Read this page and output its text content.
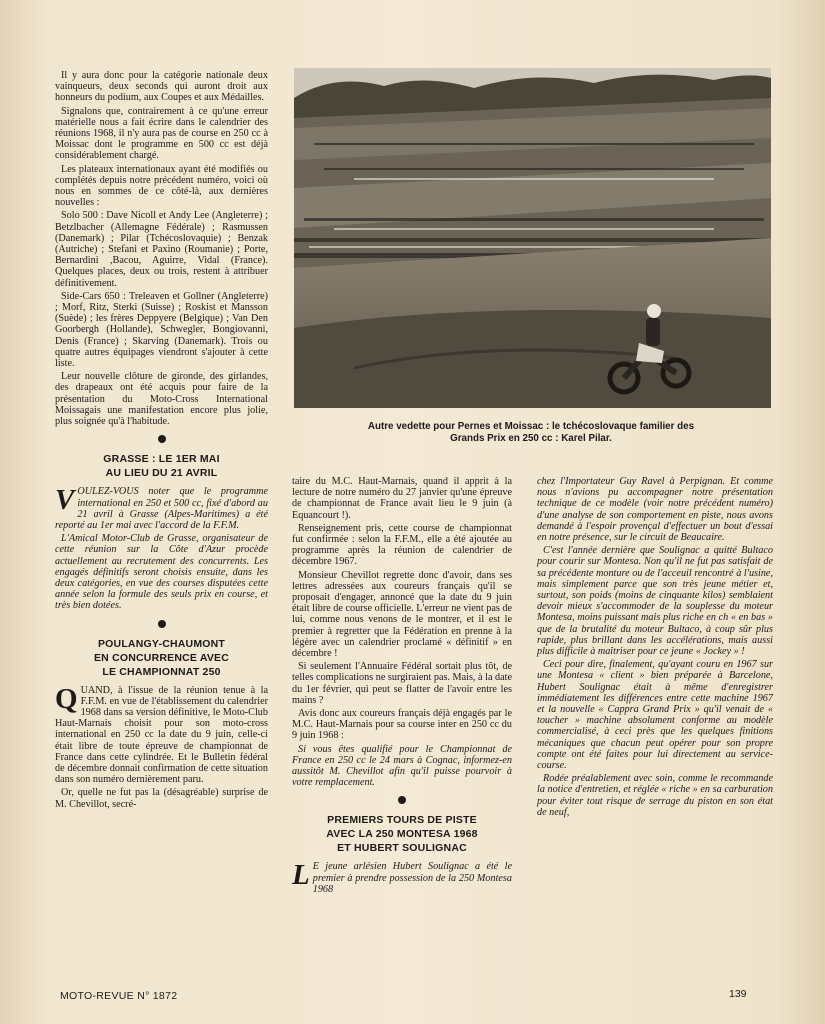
Autre vedette pour Pernes et Moissac : le tchécoslovaque familier des Grands Prix en 250 cc : Karel Pilar.

Il y aura donc pour la catégorie nationale deux vainqueurs, deux seconds qui auront droit aux honneurs du podium, aux Coupes et aux Médailles.

Signalons que, contrairement à ce qu'une erreur matérielle nous a fait écrire dans le calendrier des réunions 1968, il n'y aura pas de course en 250 cc à Moissac dont le programme en 500 cc est déjà considérablement chargé.

Les plateaux internationaux ayant été modifiés ou complétés depuis notre précédent numéro, voici où nous en sommes de ce côté-là, aux dernières nouvelles :

Solo 500 : Dave Nicoll et Andy Lee (Angleterre) ; Betzlbacher (Allemagne Fédérale) ; Rasmussen (Danemark) ; Pilar (Tchécoslovaquie) ; Benzak (Autriche) ; Stefani et Paxino (Roumanie) ; Porte, Bernardini ,Bacou, Aguirre, Vidal (France). Quelques places, deux ou trois, restent à attribuer définitivement.

Side-Cars 650 : Treleaven et Gollner (Angleterre) ; Morf, Ritz, Sterki (Suisse) ; Roskist et Mansson (Suède) ; les frères Deppyere (Belgique) ; Van Den Goorbergh (Hollande), Schwegler, Bongiovanni, Denis (France) ; Skarving (Danemark). Trois ou quatre autres équipages viendront s'ajouter à cette liste.

Leur nouvelle clôture de gironde, des girlandes, des drapeaux ont été acquis pour faire de la présentation du Moto-Cross International Moissagais une manifestation encore plus jolie, plus soignée qu'à l'habitude.

GRASSE : LE 1ER MAI
AU LIEU DU 21 AVRIL

VOULEZ-VOUS noter que le programme international en 250 et 500 cc, fixé d'abord au 21 avril à Grasse (Alpes-Maritimes) a été reporté au 1er mai avec l'accord de la F.F.M.

L'Amical Motor-Club de Grasse, organisateur de cette réunion sur la Côte d'Azur procède actuellement au recrutement des concurrents. Les engagés définitifs seront choisis ensuite, dans les deux catégories, en vue des courses disputées cette année selon la formule des seuls prix en course, et très bien dotées.

POULANGY-CHAUMONT
EN CONCURRENCE AVEC
LE CHAMPIONNAT 250

QUAND, à l'issue de la réunion tenue à la F.F.M. en vue de l'établissement du calendrier 1968 dans sa version définitive, le Moto-Club Haut-Marnais choisit pour son moto-cross international en 250 cc la date du 9 juin, celle-ci était libre de toute épreuve de championnat de France dans cette cylindrée. Et le Bulletin fédéral de décembre donnait confirmation de cette situation dans son numéro dernièrement paru.

Or, quelle ne fut pas la (désagréable) surprise de M. Chevillot, secré-

taire du M.C. Haut-Marnais, quand il apprit à la lecture de notre numéro du 27 janvier qu'une épreuve de championnat de France avait lieu le 9 juin (à Equancourt !).

Renseignement pris, cette course de championnat fut confirmée : selon la F.F.M., elle a été ajoutée au programme après la réunion de calendrier de décembre 1967.

Monsieur Chevillot regrette donc d'avoir, dans ses lettres adressées aux coureurs français qu'il se proposait d'engager, annoncé que la date du 9 juin était libre de course officielle. L'erreur ne vient pas de lui, comme nous venons de le montrer, et il est le premier à regretter que la Fédération en prenne à la légère avec un calendrier proclamé « définitif » en décembre !

Si seulement l'Annuaire Fédéral sortait plus tôt, de telles complications ne surgiraient pas. Mais, à la date du 1er février, qui peut se flatter de l'avoir entre les mains ?

Avis donc aux coureurs français déjà engagés par le M.C. Haut-Marnais pour sa course inter en 250 cc du 9 juin 1968 :

Si vous êtes qualifié pour le Championnat de France en 250 cc le 24 mars à Cognac, informez-en aussitôt M. Chevillot afin qu'il puisse pourvoir à votre remplacement.

PREMIERS TOURS DE PISTE
AVEC LA 250 MONTESA 1968
ET HUBERT SOULIGNAC

L E jeune arlésien Hubert Soulignac a été le premier à prendre possession de la 250 Montesa 1968

chez l'Importateur Guy Ravel à Perpignan. Et comme nous n'avions pu accompagner notre présentation technique de ce modèle (voir notre précédent numéro) d'une analyse de son comportement en piste, nous avons demandé à l'espoir provençal d'effectuer un bout d'essai en notre présence, sur le circuit de Beaucaire.

C'est l'année dernière que Soulignac a quitté Bultaco pour courir sur Montesa. Non qu'il ne fut pas satisfait de sa précédente monture ou de l'acceuil rencontré à l'usine, mais simplement parce que son très jeune métier et, surtout, son poids (moins de cinquante kilos) semblaient devoir mieux s'accommoder de la souplesse du moteur Montesa, moins puissant mais plus riche en ch « en bas » que de la brutalité du moteur Bultaco, à coup sûr plus rapide, plus brillant dans les accélérations, mais aussi plus difficile à maîtriser pour ce jeune « Jockey » !

Ceci pour dire, finalement, qu'ayant couru en 1967 sur une Montesa « client » bien préparée à Barcelone, Hubert Soulignac était à même d'enregistrer immédiatement les différences entre cette machine 1967 et la nouvelle « Cappra Grand Prix » qu'il venait de « toucher » machine absolument conforme au modèle commercialisé, à ceci près que les quelques finitions mécaniques que chacun peut opérer pour son propre compte ont été faites pour lui directement au service-course.

Rodée préalablement avec soin, comme le recommande la notice d'entretien, et réglée « riche » en sa carburation pour éviter tout risque de serrage du piston en son état de neuf,

MOTO-REVUE N° 1872	139
